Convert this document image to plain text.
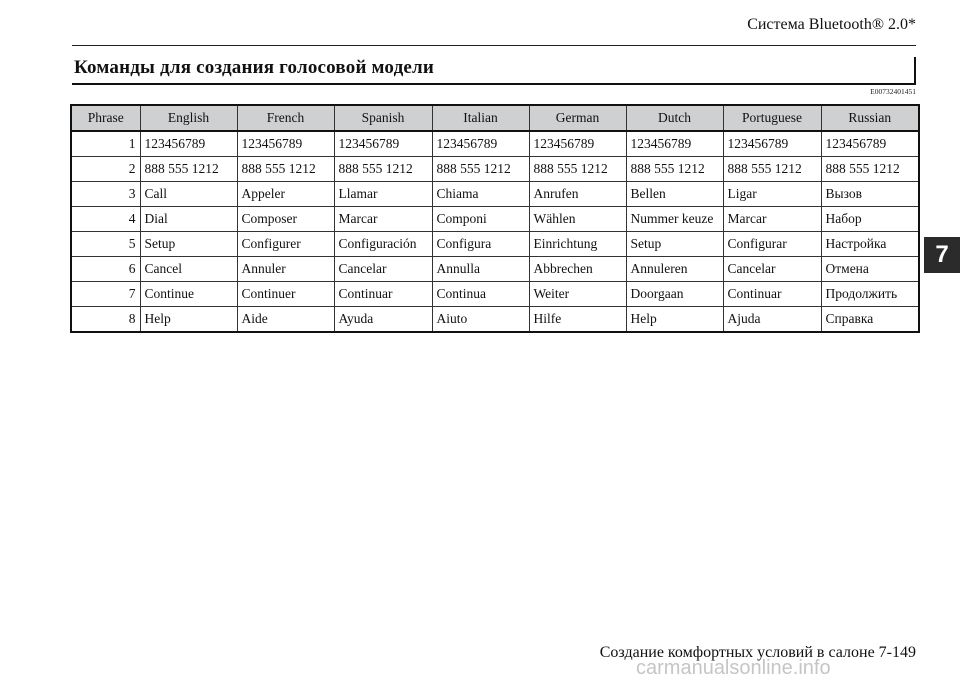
Система Bluetooth® 2.0*
Команды для создания голосовой модели
E00732401451
Phrase	English	French	Spanish	Italian	German	Dutch	Portuguese	Russian
1	123456789	123456789	123456789	123456789	123456789	123456789	123456789	123456789
2	888 555 1212	888 555 1212	888 555 1212	888 555 1212	888 555 1212	888 555 1212	888 555 1212	888 555 1212
3	Call	Appeler	Llamar	Chiama	Anrufen	Bellen	Ligar	Вызов
4	Dial	Composer	Marcar	Componi	Wählen	Nummer keuze	Marcar	Набор
5	Setup	Configurer	Configuración	Configura	Einrichtung	Setup	Configurar	Настройка
6	Cancel	Annuler	Cancelar	Annulla	Abbrechen	Annuleren	Cancelar	Отмена
7	Continue	Continuer	Continuar	Continua	Weiter	Doorgaan	Continuar	Продолжить
8	Help	Aide	Ayuda	Aiuto	Hilfe	Help	Ajuda	Справка
7
Создание комфортных условий в салоне 7-149
carmanualsonline.info
